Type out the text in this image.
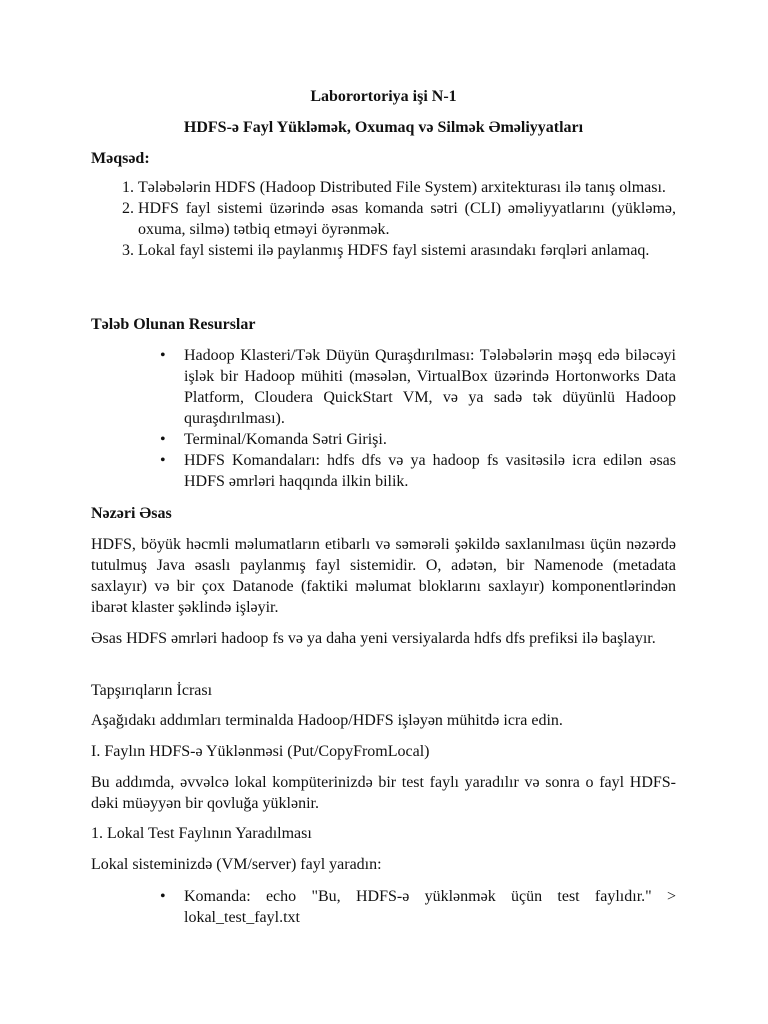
Laborortoriya işi N-1
HDFS-ə Fayl Yükləmək, Oxumaq və Silmək Əməliyyatları
Məqsəd:
1. Tələbələrin HDFS (Hadoop Distributed File System) arxitekturası ilə tanış olması.
2. HDFS fayl sistemi üzərində əsas komanda sətri (CLI) əməliyyatlarını (yükləmə, oxuma, silmə) tətbiq etməyi öyrənmək.
3. Lokal fayl sistemi ilə paylanmış HDFS fayl sistemi arasındakı fərqləri anlamaq.
Tələb Olunan Resurslar
• Hadoop Klasteri/Tək Düyün Quraşdırılması: Tələbələrin məşq edə biləcəyi işlək bir Hadoop mühiti (məsələn, VirtualBox üzərində Hortonworks Data Platform, Cloudera QuickStart VM, və ya sadə tək düyünlü Hadoop quraşdırılması).
• Terminal/Komanda Sətri Girişi.
• HDFS Komandaları: hdfs dfs və ya hadoop fs vasitəsilə icra edilən əsas HDFS əmrləri haqqında ilkin bilik.
Nəzəri Əsas
HDFS, böyük həcmli məlumatların etibarlı və səmərəli şəkildə saxlanılması üçün nəzərdə tutulmuş Java əsaslı paylanmış fayl sistemidir. O, adətən, bir Namenode (metadata saxlayır) və bir çox Datanode (faktiki məlumat bloklarını saxlayır) komponentlərindən ibarət klaster şəklində işləyir.
Əsas HDFS əmrləri hadoop fs və ya daha yeni versiyalarda hdfs dfs prefiksi ilə başlayır.
Tapşırıqların İcrası
Aşağıdakı addımları terminalda Hadoop/HDFS işləyən mühitdə icra edin.
I. Faylın HDFS-ə Yüklənməsi (Put/CopyFromLocal)
Bu addımda, əvvəlcə lokal kompüterinizdə bir test faylı yaradılır və sonra o fayl HDFS-dəki müəyyən bir qovluğa yüklənir.
1. Lokal Test Faylının Yaradılması
Lokal sisteminizdə (VM/server) fayl yaradın:
• Komanda: echo "Bu, HDFS-ə yüklənmək üçün test faylıdır." > lokal_test_fayl.txt
